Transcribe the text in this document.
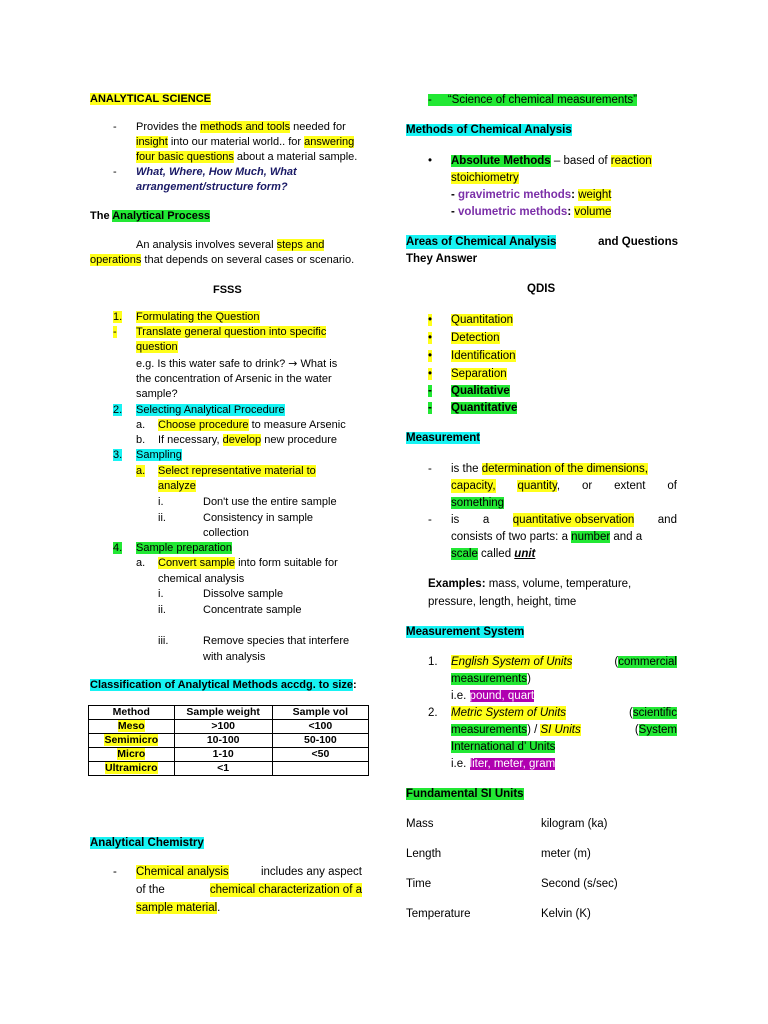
ANALYTICAL SCIENCE
- Provides the methods and tools needed for
insight into our material world.. for answering
four basic questions about a material sample.
- What, Where, How Much, What
arrangement/structure form?
The Analytical Process
An analysis involves several steps and
operations that depends on several cases or scenario.
FSSS
1. Formulating the Question
- Translate general question into specific
question
e.g. Is this water safe to drink? → What is
the concentration of Arsenic in the water
sample?
2. Selecting Analytical Procedure
a. Choose procedure to measure Arsenic
b. If necessary, develop new procedure
3. Sampling
a. Select representative material to
analyze
i.	Don't use the entire sample
ii.	Consistency in sample
collection
4. Sample preparation
a. Convert sample into form suitable for
chemical analysis
i.	Dissolve sample
ii.	Concentrate sample
iii.	Remove species that interfere
with analysis
Classification of Analytical Methods accdg. to size:
Method	Sample weight	Sample vol
Meso	>100	<100
Semimicro	10-100	50-100
Micro	1-10	<50
Ultramicro	<1	
Analytical Chemistry
- Chemical analysis	includes any aspect
of the	chemical characterization of a
sample material.
- “Science of chemical measurements”
Methods of Chemical Analysis
• Absolute Methods – based of reaction
stoichiometry
- gravimetric methods: weight
- volumetric methods: volume
Areas of Chemical Analysis	and Questions
They Answer
QDIS
• Quantitation
• Detection
• Identification
• Separation
- Qualitative
- Quantitative
Measurement
- is the determination of the dimensions,
capacity, quantity, or extent of
something
- is a quantitative observation and
consists of two parts: a number and a
scale called unit
Examples: mass, volume, temperature,
pressure, length, height, time
Measurement System
1. English System of Units	(commercial
measurements)
i.e. pound, quart
2. Metric System of Units	(scientific
measurements) / SI Units	(System
International d’ Units
i.e. liter, meter, gram
Fundamental SI Units
Mass	kilogram (ka)
Length	meter (m)
Time	Second (s/sec)
Temperature	Kelvin (K)
